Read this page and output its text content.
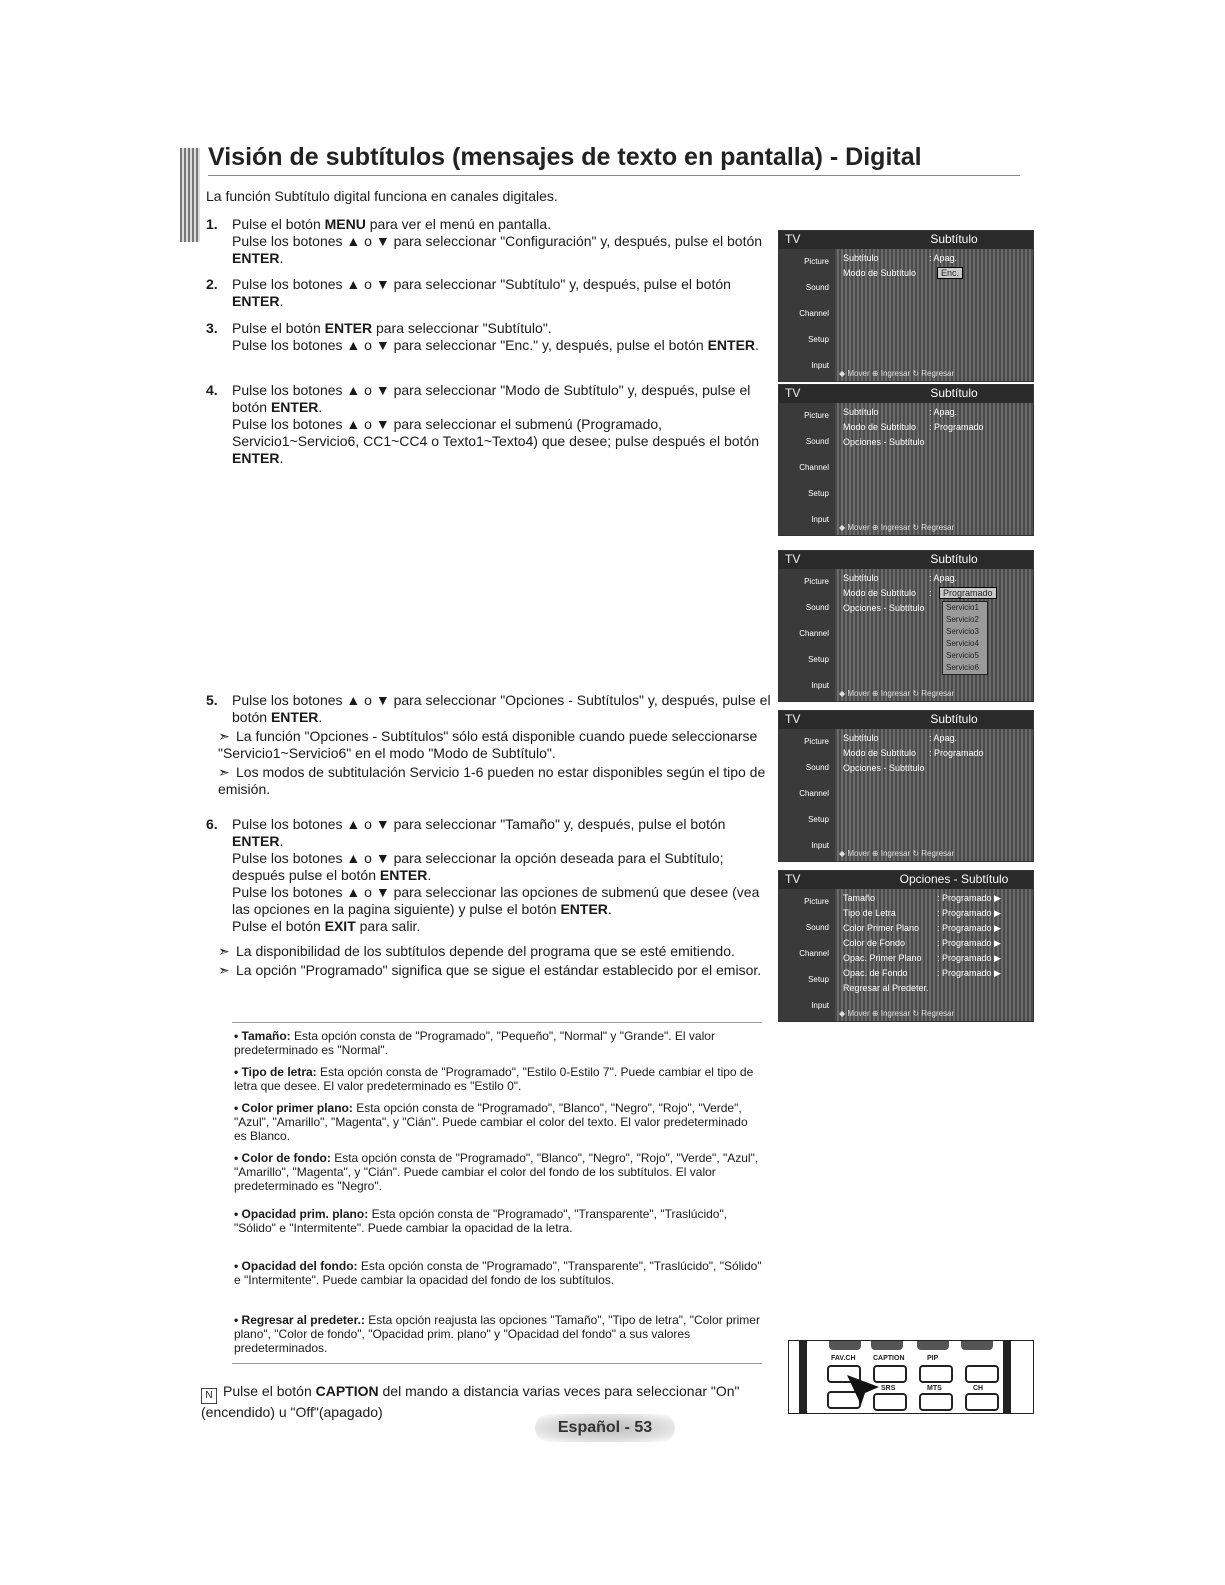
Visión de subtítulos (mensajes de texto en pantalla) - Digital
La función Subtítulo digital funciona en canales digitales.
1. Pulse el botón MENU para ver el menú en pantalla.

Pulse los botones ▲ o ▼ para seleccionar "Configuración" y, después, pulse el botón ENTER.

2. Pulse los botones ▲ o ▼ para seleccionar "Subtítulo" y, después, pulse el botón ENTER.

3. Pulse el botón ENTER para seleccionar "Subtítulo".

Pulse los botones ▲ o ▼ para seleccionar "Enc." y, después, pulse el botón ENTER.

4. Pulse los botones ▲ o ▼ para seleccionar "Modo de Subtítulo" y, después, pulse el botón ENTER.

Pulse los botones ▲ o ▼ para seleccionar el submenú (Programado, Servicio1~Servicio6, CC1~CC4 o Texto1~Texto4) que desee; pulse después el botón ENTER.

5. Pulse los botones ▲ o ▼ para seleccionar "Opciones - Subtítulos" y, después, pulse el botón ENTER.

➣ La función "Opciones - Subtítulos" sólo está disponible cuando puede seleccionarse "Servicio1~Servicio6" en el modo "Modo de Subtítulo".

➣ Los modos de subtitulación Servicio 1-6 pueden no estar disponibles según el tipo de emisión.

6. Pulse los botones ▲ o ▼ para seleccionar "Tamaño" y, después, pulse el botón ENTER.

Pulse los botones ▲ o ▼ para seleccionar la opción deseada para el Subtítulo; después pulse el botón ENTER.

Pulse los botones ▲ o ▼ para seleccionar las opciones de submenú que desee (vea las opciones en la pagina siguiente) y pulse el botón ENTER.

Pulse el botón EXIT para salir.

➣ La disponibilidad de los subtítulos depende del programa que se esté emitiendo.

➣ La opción "Programado" significa que se sigue el estándar establecido por el emisor.

• Tamaño: Esta opción consta de "Programado", "Pequeño", "Normal" y "Grande". El valor predeterminado es "Normal".
• Tipo de letra: Esta opción consta de "Programado", "Estilo 0-Estilo 7". Puede cambiar el tipo de letra que desee. El valor predeterminado es "Estilo 0".
• Color primer plano: Esta opción consta de "Programado", "Blanco", "Negro", "Rojo", "Verde", "Azul", "Amarillo", "Magenta", y "Cián". Puede cambiar el color del texto. El valor predeterminado es Blanco.
• Color de fondo: Esta opción consta de "Programado", "Blanco", "Negro", "Rojo", "Verde", "Azul", "Amarillo", "Magenta", y "Cián". Puede cambiar el color del fondo de los subtítulos. El valor predeterminado es "Negro".
• Opacidad prim. plano: Esta opción consta de "Programado", "Transparente", "Traslúcido", "Sólido" e "Intermitente". Puede cambiar la opacidad de la letra.
• Opacidad del fondo: Esta opción consta de "Programado", "Transparente", "Traslúcido", "Sólido" e "Intermitente". Puede cambiar la opacidad del fondo de los subtítulos.
• Regresar al predeter.: Esta opción reajusta las opciones "Tamaño", "Tipo de letra", "Color primer plano", "Color de fondo", "Opacidad prim. plano" y "Opacidad del fondo" a sus valores predeterminados.
N Pulse el botón CAPTION del mando a distancia varias veces para seleccionar "On"(encendido) u "Off"(apagado)
Español - 53
TV	Subtítulo
Picture
Sound
Channel
Setup
Input
Subtítulo	: Apag.
Modo de Subtítulo	Enc.
◆ Mover ⊕ Ingresar ↻ Regresar
TV	Subtítulo
Picture
Sound
Channel
Setup
Input
Subtítulo	: Apag.
Modo de Subtítulo : Programado
Opciones - Subtítulo
◆ Mover ⊕ Ingresar ↻ Regresar
TV	Subtítulo
Picture
Sound
Channel
Setup
Input
Subtítulo	: Apag.
Modo de Subtítulo :
Opciones - Subtítulo
Programado
Servicio1
Servicio2
Servicio3
Servicio4
Servicio5
Servicio6
◆ Mover ⊕ Ingresar ↻ Regresar
TV	Subtítulo
Picture
Sound
Channel
Setup
Input
Subtítulo	: Apag.
Modo de Subtítulo : Programado
Opciones - Subtítulo
◆ Mover ⊕ Ingresar ↻ Regresar
TV	Opciones - Subtítulo
Picture
Sound
Channel
Setup
Input
Tamaño	: Programado ▶
Tipo de Letra	: Programado ▶
Color Primer Plano : Programado ▶
Color de Fondo	: Programado ▶
Opac. Primer Plano : Programado ▶
Opac. de Fondo	: Programado ▶
Regresar al Predeter.
◆ Mover ⊕ Ingresar ↻ Regresar
FAV.CH CAPTION	PIP
SRS	MTS	CH
